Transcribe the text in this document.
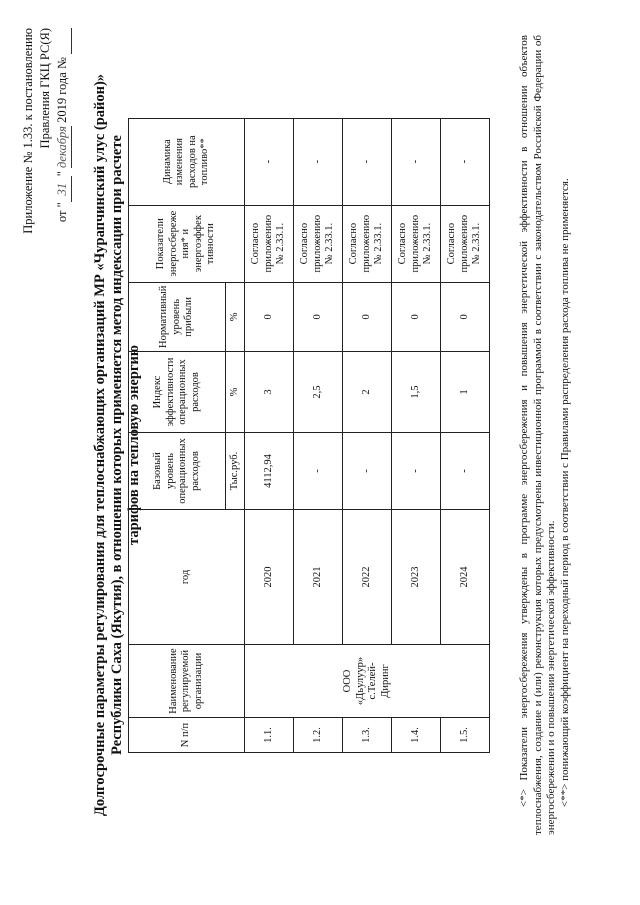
Приложение № 1.33. к постановлению Правления ГКЦ РС(Я)
от "31" декабря 2019 года № Долгосрочные параметры регулирования для теплоснабжающих организаций МР «Чурапчинский улус (район)» Республики Саха (Якутия), в отношении которых применяется метод индексации при расчете тарифов на тепловую энергию
N п/п	Наименование регулируемой организации	год	Базовый уровень операционных расходов	Индекс эффективности операционных расходов	Нормативный уровень прибыли	Показатели энергосбереже ния* и энергоэффек тивности	Динамика изменения расходов на топливо**
			Тыс.руб.	%	%		
1.1.	ООО «Дьулуур» с.Телей-Диринг	2020	4112,94	3	0	Согласно приложению № 2.33.1.	-
1.2.		2021	-	2,5	0	Согласно приложению № 2.33.1.	-
1.3.		2022	-	2	0	Согласно приложению № 2.33.1.	-
1.4.		2023	-	1,5	0	Согласно приложению № 2.33.1.	-
1.5.		2024	-	1	0	Согласно приложению № 2.33.1.	-	<*> Показатели энергосбережения утверждены в программе энергосбережения и повышения энергетической эффективности в отношении объектов теплоснабжения, создание и (или) реконструкция которых предусмотрены инвестиционной программой в соответствии с законодательством Российской Федерации об энергосбережении и о повышении энергетической эффективности. <**> понижающий коэффициент на переходный период в соответствии с Правилами распределения расхода топлива не применяется.
